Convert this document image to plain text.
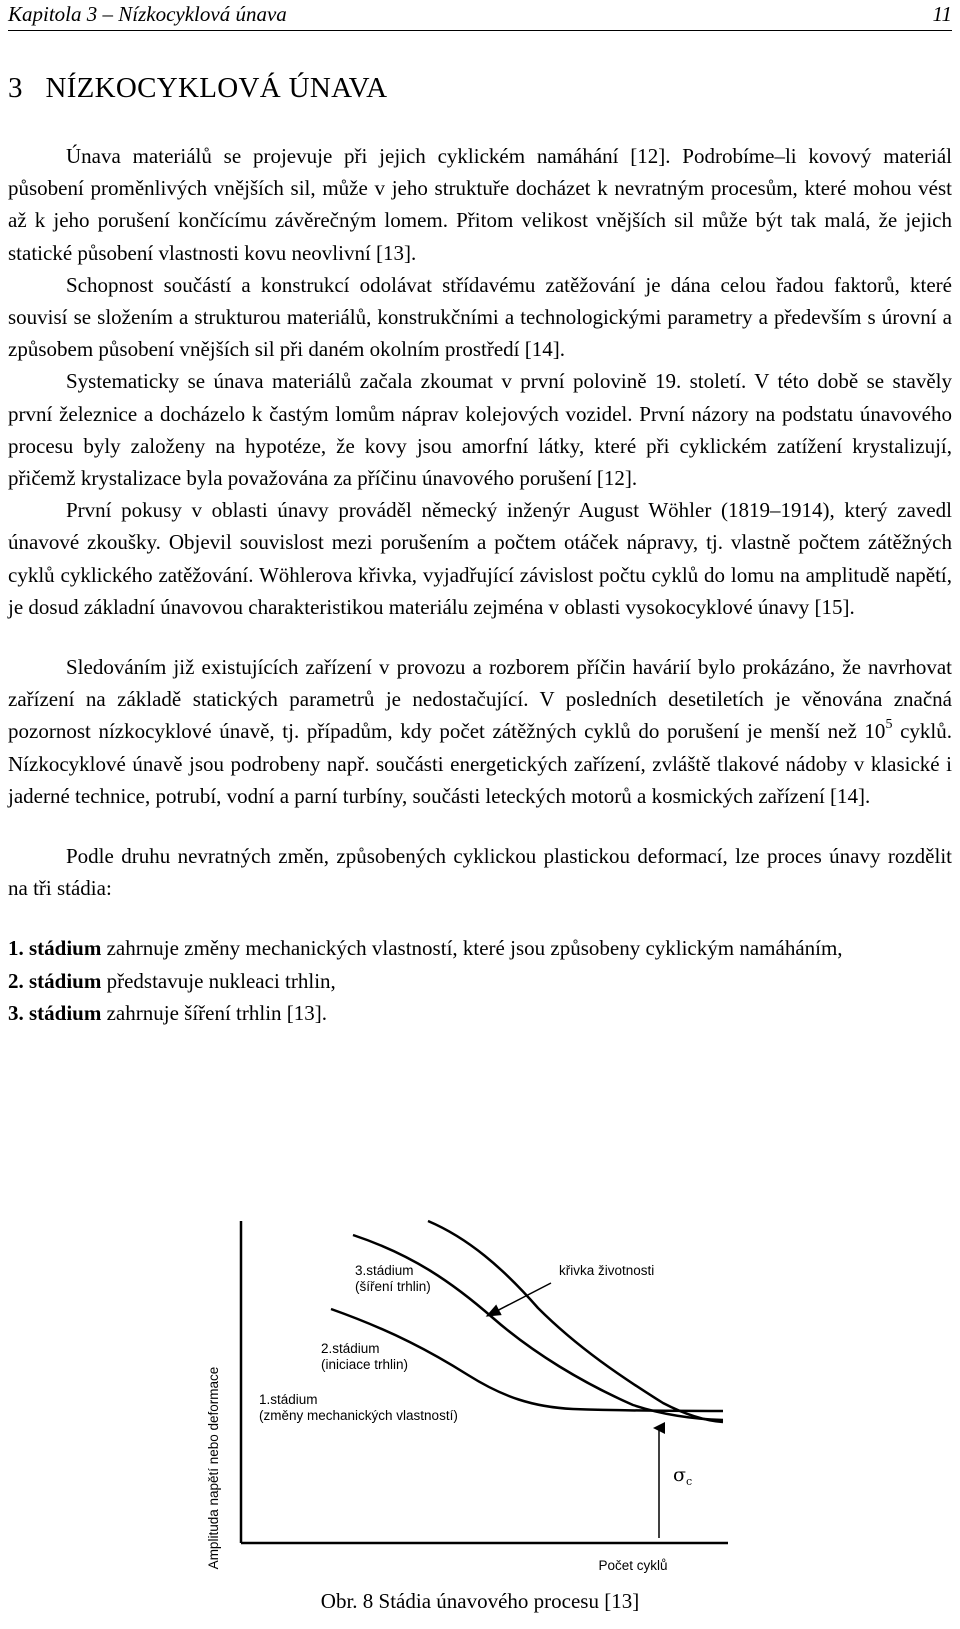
Kapitola 3 – Nízkocyklová únava	11
3 NÍZKOCYKLOVÁ ÚNAVA

Únava materiálů se projevuje při jejich cyklickém namáhání [12]. Podrobíme–li kovový materiál působení proměnlivých vnějších sil, může v jeho struktuře docházet k nevratným procesům, které mohou vést až k jeho porušení končícímu závěrečným lomem. Přitom velikost vnějších sil může být tak malá, že jejich statické působení vlastnosti kovu neovlivní [13].

Schopnost součástí a konstrukcí odolávat střídavému zatěžování je dána celou řadou faktorů, které souvisí se složením a strukturou materiálů, konstrukčními a technologickými parametry a především s úrovní a způsobem působení vnějších sil při daném okolním prostředí [14].

Systematicky se únava materiálů začala zkoumat v první polovině 19. století. V této době se stavěly první železnice a docházelo k častým lomům náprav kolejových vozidel. První názory na podstatu únavového procesu byly založeny na hypotéze, že kovy jsou amorfní látky, které při cyklickém zatížení krystalizují, přičemž krystalizace byla považována za příčinu únavového porušení [12].

První pokusy v oblasti únavy prováděl německý inženýr August Wöhler (1819–1914), který zavedl únavové zkoušky. Objevil souvislost mezi porušením a počtem otáček nápravy, tj. vlastně počtem zátěžných cyklů cyklického zatěžování. Wöhlerova křivka, vyjadřující závislost počtu cyklů do lomu na amplitudě napětí, je dosud základní únavovou charakteristikou materiálu zejména v oblasti vysokocyklové únavy [15].

Sledováním již existujících zařízení v provozu a rozborem příčin havárií bylo prokázáno, že navrhovat zařízení na základě statických parametrů je nedostačující. V posledních desetiletích je věnována značná pozornost nízkocyklové únavě, tj. případům, kdy počet zátěžných cyklů do porušení je menší než $10^5$ cyklů. Nízkocyklové únavě jsou podrobeny např. součásti energetických zařízení, zvláště tlakové nádoby v klasické i jaderné technice, potrubí, vodní a parní turbíny, součásti leteckých motorů a kosmických zařízení [14].

Podle druhu nevratných změn, způsobených cyklickou plastickou deformací, lze proces únavy rozdělit na tři stádia:

1. stádium zahrnuje změny mechanických vlastností, které jsou způsobeny cyklickým namáháním,

2. stádium představuje nukleaci trhlin,

3. stádium zahrnuje šíření trhlin [13].

Amplituda napětí nebo deformace	Počet cyklů
křivka životnosti
3.stádium
(šíření trhlin)
2.stádium
(iniciace trhlin)
1.stádium
(změny mechanických vlastností)
$\sigma_c$
Obr. 8 Stádia únavového procesu [13]
